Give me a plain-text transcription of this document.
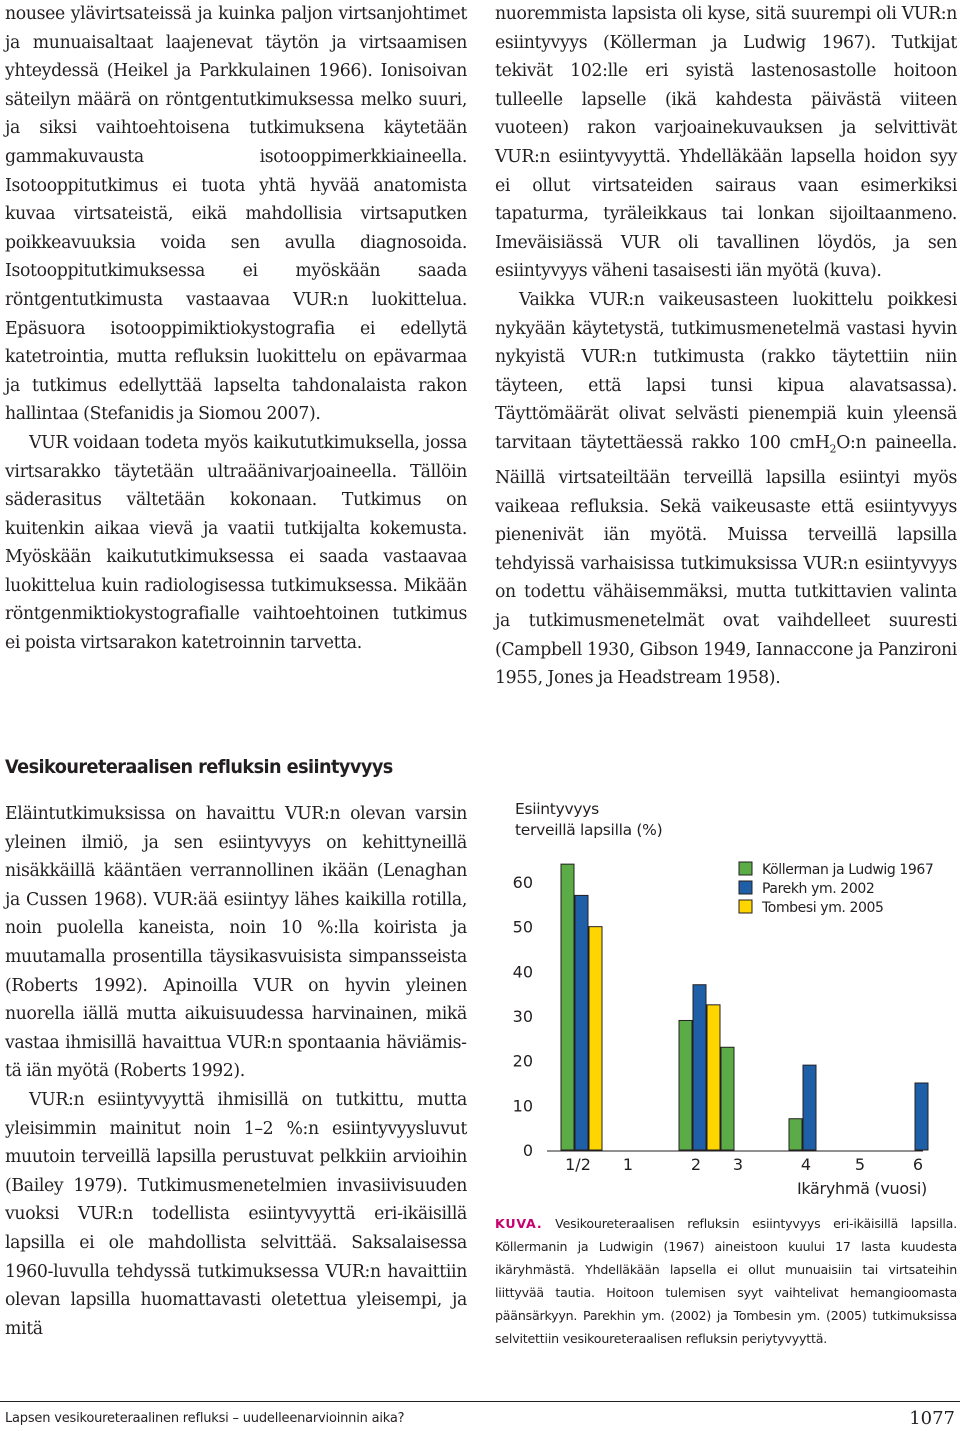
nousee ylävirtsateissä ja kuinka paljon virtsanjohtimet ja munuaisaltaat laajenevat täytön ja virtsaamisen yhteydessä (Heikel ja Parkkulainen 1966). Ionisoivan säteilyn määrä on röntgentutkimuksessa melko suuri, ja siksi vaihtoehtoisena tutkimuksena käytetään gammakuvausta isotooppimerkkiaineella. Isotooppitutkimus ei tuota yhtä hyvää anatomista kuvaa virtsateistä, eikä mahdollisia virtsaputken poikkeavuuksia voida sen avulla diagnosoida. Isotooppitutkimuksessa ei myöskään saada röntgentutkimusta vastaavaa VUR:n luokittelua. Epäsuora isotooppimiktiokystografia ei edellytä katetrointia, mutta refluksin luokittelu on epävarmaa ja tutkimus edellyttää lapselta tahdonalaista rakon hallintaa (Stefanidis ja Siomou 2007).

VUR voidaan todeta myös kaikututkimuksella, jossa virtsarakko täytetään ultraäänivarjoaineella. Tällöin säderasitus vältetään kokonaan. Tutkimus on kuitenkin aikaa vievä ja vaatii tutkijalta kokemusta. Myöskään kaikututkimuksessa ei saada vastaavaa luokittelua kuin radiologisessa tutkimuksessa. Mikään röntgenmiktiokystografialle vaihtoehtoinen tutkimus ei poista virtsarakon katetroinnin tarvetta.

Vesikoureteraalisen refluksin esiintyvyys

Eläintutkimuksissa on havaittu VUR:n olevan varsin yleinen ilmiö, ja sen esiintyvyys on kehittyneillä nisäkkäillä kääntäen verrannollinen ikään (Lenaghan ja Cussen 1968). VUR:ää esiintyy lähes kaikilla rotilla, noin puolella kaneista, noin 10 %:lla koirista ja muutamalla prosentilla täysikasvuisista simpansseista (Roberts 1992). Apinoilla VUR on hyvin yleinen nuorella iällä mutta aikuisuudessa harvinainen, mikä vastaa ihmisillä havaittua VUR:n spontaania häviämistä iän myötä (Roberts 1992).

VUR:n esiintyvyyttä ihmisillä on tutkittu, mutta yleisimmin mainitut noin 1–2 %:n esiintyvyysluvut muutoin terveillä lapsilla perustuvat pelkkiin arvioihin (Bailey 1979). Tutkimusmenetelmien invasiivisuuden vuoksi VUR:n todellista esiintyvyyttä eri-ikäisillä lapsilla ei ole mahdollista selvittää. Saksalaisessa 1960-luvulla tehdyssä tutkimuksessa VUR:n havaittiin olevan lapsilla huomattavasti oletettua yleisempi, ja mitä

nuoremmista lapsista oli kyse, sitä suurempi oli VUR:n esiintyvyys (Köllerman ja Ludwig 1967). Tutkijat tekivät 102:lle eri syistä lastenosastolle hoitoon tulleelle lapselle (ikä kahdesta päivästä viiteen vuoteen) rakon varjoainekuvauksen ja selvittivät VUR:n esiintyvyyttä. Yhdelläkään lapsella hoidon syy ei ollut virtsateiden sairaus vaan esimerkiksi tapaturma, tyräleikkaus tai lonkan sijoiltaanmeno. Imeväisiässä VUR oli tavallinen löydös, ja sen esiintyvyys väheni tasaisesti iän myötä (kuva).

Vaikka VUR:n vaikeusasteen luokittelu poikkesi nykyään käytetystä, tutkimusmenetelmä vastasi hyvin nykyistä VUR:n tutkimusta (rakko täytettiin niin täyteen, että lapsi tunsi kipua alavatsassa). Täyttömäärät olivat selvästi pienempiä kuin yleensä tarvitaan täytettäessä rakko 100 cmH$_2$O:n paineella. Näillä virtsateiltään terveillä lapsilla esiintyi myös vaikeaa refluksia. Sekä vaikeusaste että esiintyvyys pienenivät iän myötä. Muissa terveillä lapsilla tehdyissä varhaisissa tutkimuksissa VUR:n esiintyvyys on todettu vähäisemmäksi, mutta tutkittavien valinta ja tutkimusmenetelmät ovat vaihdelleet suuresti (Campbell 1930, Gibson 1949, Iannaccone ja Panzironi 1955, Jones ja Headstream 1958).

Esiintyvyys
terveillä lapsilla (%)
0
10
20
30
40
50
60
1/2 1	2 3	4	5	6
Ikäryhmä (vuosi)
Köllerman ja Ludwig 1967
Parekh ym. 2002
Tombesi ym. 2005
KUVA. Vesikoureteraalisen refluksin esiintyvyys eri-ikäisillä lapsilla. Köllermanin ja Ludwigin (1967) aineistoon kuului 17 lasta kuudesta ikäryhmästä. Yhdelläkään lapsella ei ollut munuaisiin tai virtsateihin liittyvää tautia. Hoitoon tulemisen syyt vaihtelivat hemangioomasta päänsärkyyn. Parekhin ym. (2002) ja Tombesin ym. (2005) tutkimuksissa selvitettiin vesikoureteraalisen refluksin periytyvyyttä.
Lapsen vesikoureteraalinen refluksi – uudelleenarvioinnin aika?	1077
